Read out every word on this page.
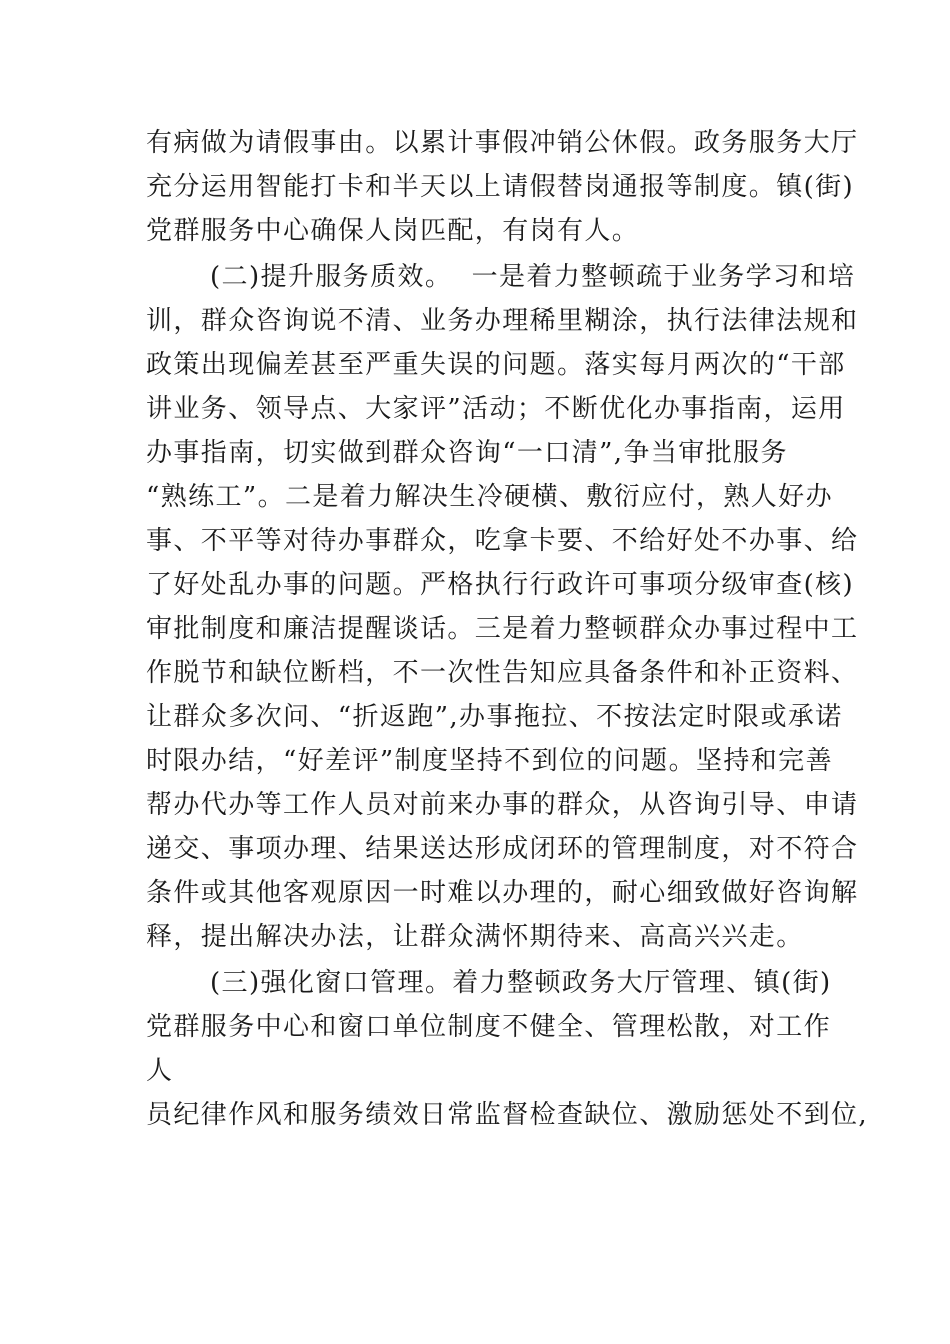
有病做为请假事由。以累计事假冲销公休假。政务服务大厅
充分运用智能打卡和半天以上请假替岗通报等制度。镇(街)
党群服务中心确保人岗匹配，有岗有人。
(二)提升服务质效。  一是着力整顿疏于业务学习和培
训，群众咨询说不清、业务办理稀里糊涂，执行法律法规和
政策出现偏差甚至严重失误的问题。落实每月两次的“干部
讲业务、领导点、大家评”活动；不断优化办事指南，运用
办事指南，切实做到群众咨询“一口清”,争当审批服务
“熟练工”。二是着力解决生冷硬横、敷衍应付，熟人好办
事、不平等对待办事群众，吃拿卡要、不给好处不办事、给
了好处乱办事的问题。严格执行行政许可事项分级审查(核)
审批制度和廉洁提醒谈话。三是着力整顿群众办事过程中工
作脱节和缺位断档，不一次性告知应具备条件和补正资料、
让群众多次问、“折返跑”,办事拖拉、不按法定时限或承诺
时限办结，“好差评”制度坚持不到位的问题。坚持和完善
帮办代办等工作人员对前来办事的群众，从咨询引导、申请
递交、事项办理、结果送达形成闭环的管理制度，对不符合
条件或其他客观原因一时难以办理的，耐心细致做好咨询解
释，提出解决办法，让群众满怀期待来、高高兴兴走。
(三)强化窗口管理。着力整顿政务大厅管理、镇(街)
党群服务中心和窗口单位制度不健全、管理松散，对工作
人
员纪律作风和服务绩效日常监督检查缺位、激励惩处不到位,
